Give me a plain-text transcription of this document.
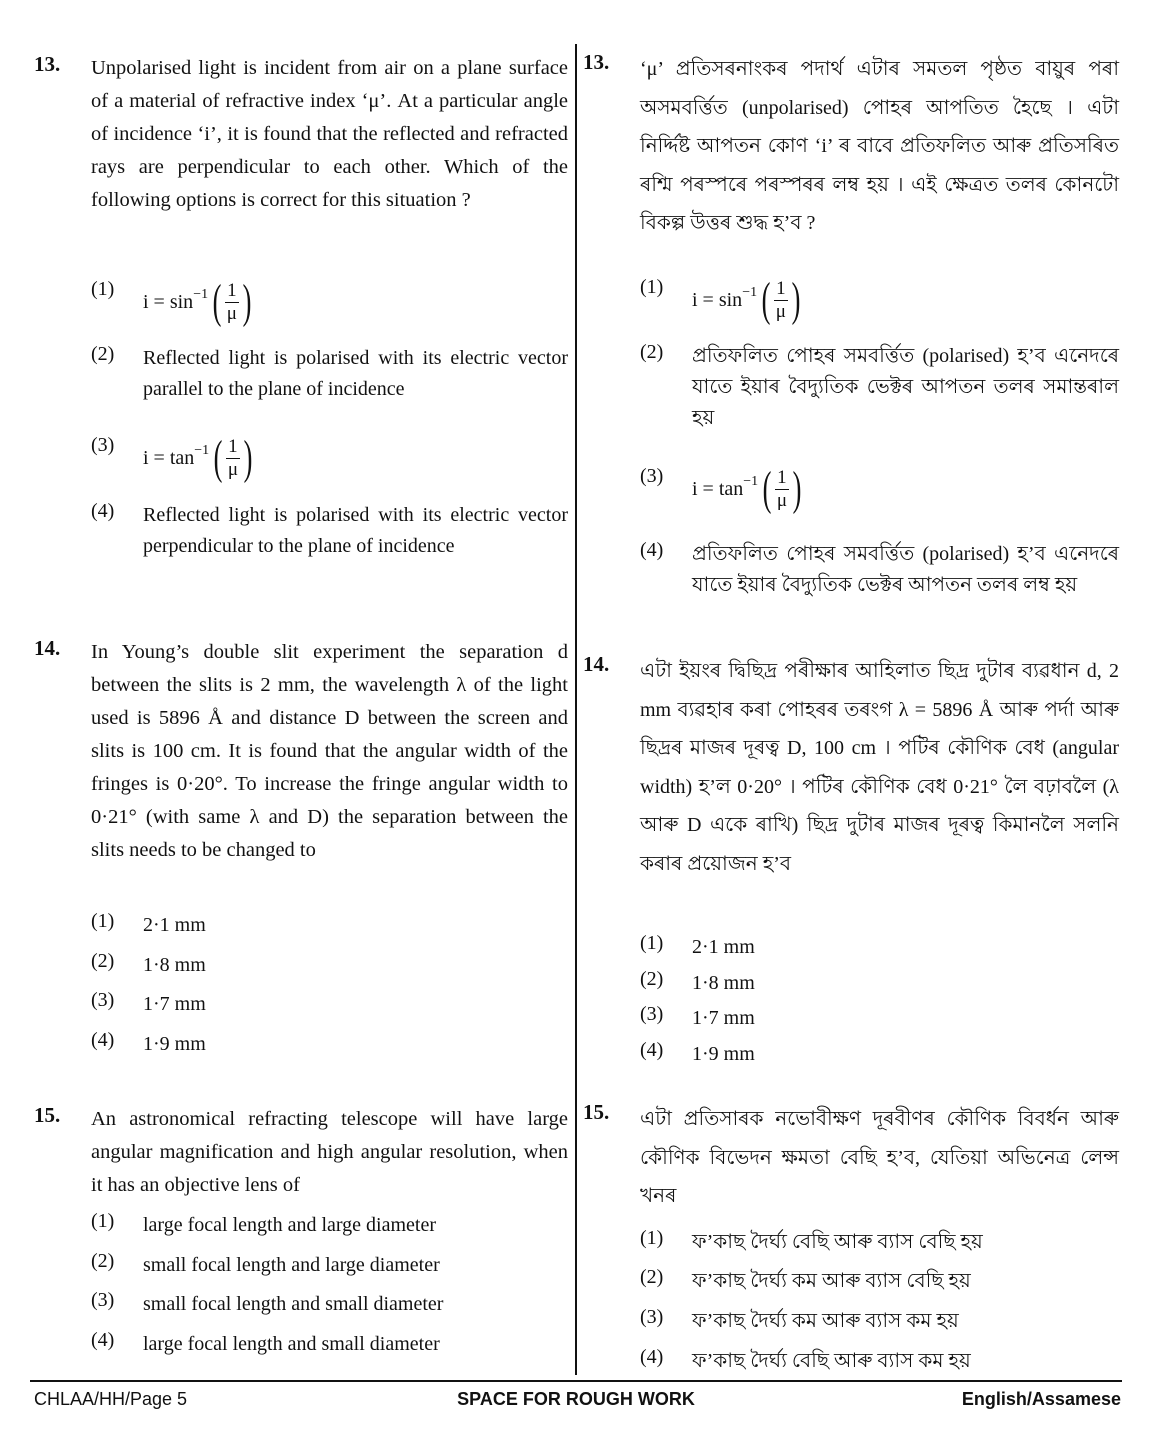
13. Unpolarised light is incident from air on a plane surface of a material of refractive index ‘μ’. At a particular angle of incidence ‘i’, it is found that the reflected and refracted rays are perpendicular to each other. Which of the following options is correct for this situation ?
(1)
$i = \sin^{-1}$ ( $\frac{1}{\mu}$ )
(2)	Reflected light is polarised with its electric vector parallel to the plane of incidence
(3)
$i = \tan^{-1}$ ( $\frac{1}{\mu}$ )
(4)	Reflected light is polarised with its electric vector perpendicular to the plane of incidence
14. In Young’s double slit experiment the separation d between the slits is 2 mm, the wavelength λ of the light used is 5896 Å and distance D between the screen and slits is 100 cm. It is found that the angular width of the fringes is 0·20°. To increase the fringe angular width to 0·21° (with same λ and D) the separation between the slits needs to be changed to
(1)	2·1 mm
(2)	1·8 mm
(3)	1·7 mm
(4)	1·9 mm
15. An astronomical refracting telescope will have large angular magnification and high angular resolution, when it has an objective lens of
(1)	large focal length and large diameter
(2)	small focal length and large diameter
(3)	small focal length and small diameter
(4)	large focal length and small diameter
13. ‘μ’ প্ৰতিসৰনাংকৰ পদাৰ্থ এটাৰ সমতল পৃষ্ঠত বায়ুৰ পৰা অসমবৰ্ত্তিত (unpolarised) পোহৰ আপতিত হৈছে । এটা নিৰ্দ্দিষ্ট আপতন কোণ ‘i’ ৰ বাবে প্ৰতিফলিত আৰু প্ৰতিসৰিত ৰশ্মি পৰস্পৰে পৰস্পৰৰ লম্ব হয় । এই ক্ষেত্ৰত তলৰ কোনটো বিকল্প উত্তৰ শুদ্ধ হ’ব ?
(1)
$i = \sin^{-1}$ ( $\frac{1}{\mu}$ )
(2)	প্ৰতিফলিত পোহৰ সমবৰ্ত্তিত (polarised) হ’ব এনেদৰে যাতে ইয়াৰ বৈদ্যুতিক ভেক্টৰ আপতন তলৰ সমান্তৰাল হয়
(3)
$i = \tan^{-1}$ ( $\frac{1}{\mu}$ )
(4)	প্ৰতিফলিত পোহৰ সমবৰ্ত্তিত (polarised) হ’ব এনেদৰে যাতে ইয়াৰ বৈদ্যুতিক ভেক্টৰ আপতন তলৰ লম্ব হয়
14. এটা ইয়ংৰ দ্বিছিদ্ৰ পৰীক্ষাৰ আহিলাত ছিদ্ৰ দুটাৰ ব্যৱধান d, 2 mm ব্যৱহাৰ কৰা পোহৰৰ তৰংগ λ = 5896 Å আৰু পৰ্দা আৰু ছিদ্ৰৰ মাজৰ দূৰত্ব D, 100 cm । পটিৰ কৌণিক বেধ (angular width) হ’ল 0·20° । পটিৰ কৌণিক বেধ 0·21° লৈ বঢ়াবলৈ (λ আৰু D একে ৰাখি) ছিদ্ৰ দুটাৰ মাজৰ দূৰত্ব কিমানলৈ সলনি কৰাৰ প্ৰয়োজন হ’ব
(1)	2·1 mm
(2)	1·8 mm
(3)	1·7 mm
(4)	1·9 mm
15. এটা প্ৰতিসাৰক নভোবীক্ষণ দূৰবীণৰ কৌণিক বিবৰ্ধন আৰু কৌণিক বিভেদন ক্ষমতা বেছি হ’ব, যেতিয়া অভিনেত্ৰ লেন্স খনৰ
(1)	ফ’কাছ দৈৰ্ঘ্য বেছি আৰু ব্যাস বেছি হয়
(2)	ফ’কাছ দৈৰ্ঘ্য কম আৰু ব্যাস বেছি হয়
(3)	ফ’কাছ দৈৰ্ঘ্য কম আৰু ব্যাস কম হয়
(4)	ফ’কাছ দৈৰ্ঘ্য বেছি আৰু ব্যাস কম হয়
CHLAA/HH/Page 5	SPACE FOR ROUGH WORK	English/Assamese
